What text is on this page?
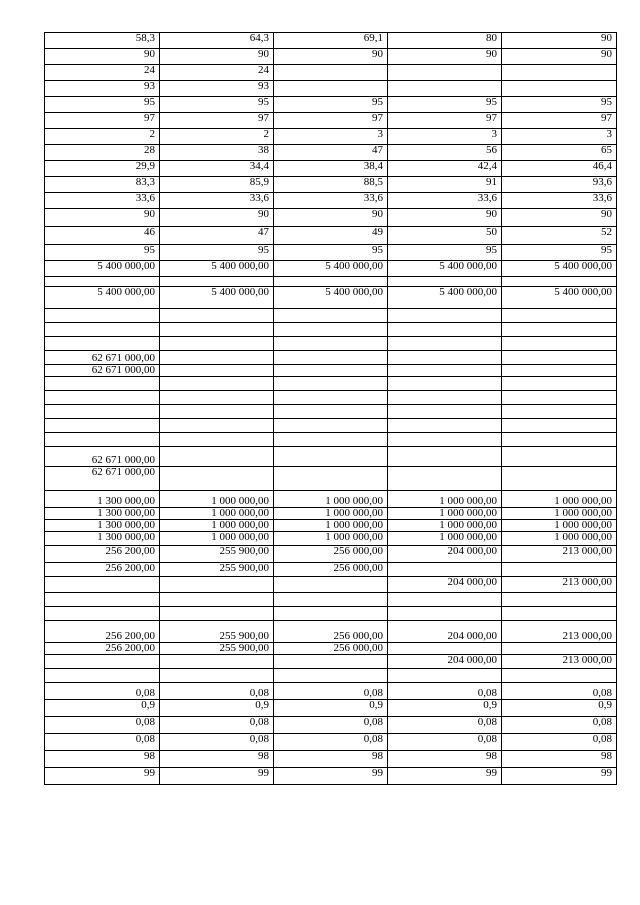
58,3	64,3	69,1	80	90
90	90	90	90	90
24	24			
93	93			
95	95	95	95	95
97	97	97	97	97
2	2	3	3	3
28	38	47	56	65
29,9	34,4	38,4	42,4	46,4
83,3	85,9	88,5	91	93,6
33,6	33,6	33,6	33,6	33,6
90	90	90	90	90
46	47	49	50	52
95	95	95	95	95
5 400 000,00	5 400 000,00	5 400 000,00	5 400 000,00	5 400 000,00

5 400 000,00	5 400 000,00	5 400 000,00	5 400 000,00	5 400 000,00

62 671 000,00				
62 671 000,00				

62 671 000,00				
62 671 000,00				
1 300 000,00	1 000 000,00	1 000 000,00	1 000 000,00	1 000 000,00
1 300 000,00	1 000 000,00	1 000 000,00	1 000 000,00	1 000 000,00
1 300 000,00	1 000 000,00	1 000 000,00	1 000 000,00	1 000 000,00
1 300 000,00	1 000 000,00	1 000 000,00	1 000 000,00	1 000 000,00
256 200,00	255 900,00	256 000,00	204 000,00	213 000,00
256 200,00	255 900,00	256 000,00		
			204 000,00	213 000,00

256 200,00	255 900,00	256 000,00	204 000,00	213 000,00
256 200,00	255 900,00	256 000,00		
			204 000,00	213 000,00

0,08	0,08	0,08	0,08	0,08
0,9	0,9	0,9	0,9	0,9
0,08	0,08	0,08	0,08	0,08
0,08	0,08	0,08	0,08	0,08
98	98	98	98	98
99	99	99	99	99
